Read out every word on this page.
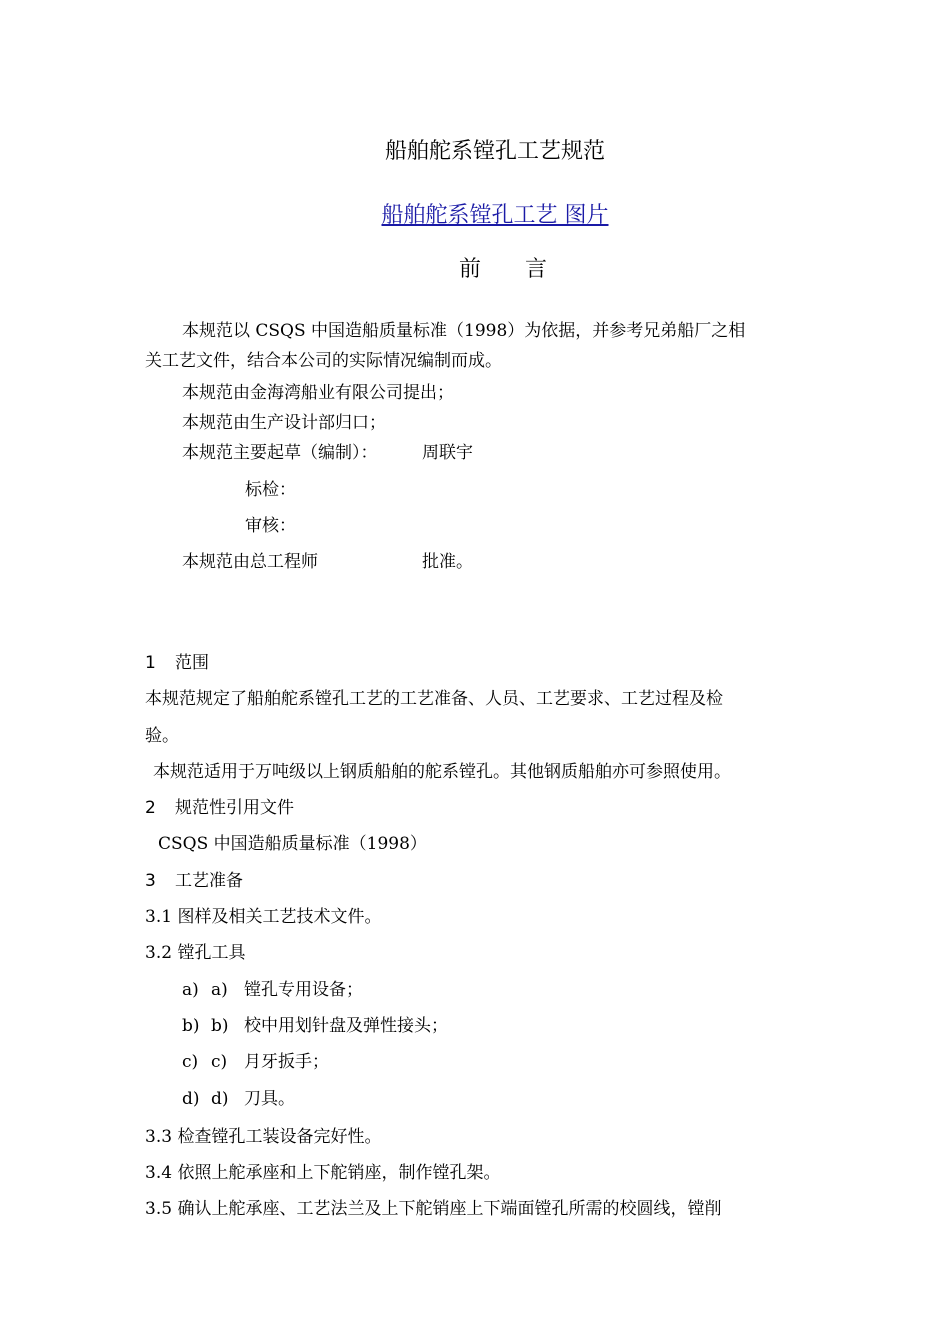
船舶舵系镗孔工艺规范
船舶舵系镗孔工艺 图片
前 言
本规范以 CSQS 中国造船质量标准（1998）为依据，并参考兄弟船厂之相
关工艺文件，结合本公司的实际情况编制而成。
本规范由金海湾船业有限公司提出；
本规范由生产设计部归口；
本规范主要起草（编制）：	周联宇
标检：
审核：
本规范由总工程师	批准。
1 范围
本规范规定了船舶舵系镗孔工艺的工艺准备、人员、工艺要求、工艺过程及检
验。
本规范适用于万吨级以上钢质船舶的舵系镗孔。其他钢质船舶亦可参照使用。
2 规范性引用文件
CSQS 中国造船质量标准（1998）
3 工艺准备
3.1 图样及相关工艺技术文件。
3.2 镗孔工具
a) a) 镗孔专用设备；
b) b) 校中用划针盘及弹性接头；
c) c) 月牙扳手；
d) d) 刀具。
3.3 检查镗孔工装设备完好性。
3.4 依照上舵承座和上下舵销座，制作镗孔架。
3.5 确认上舵承座、工艺法兰及上下舵销座上下端面镗孔所需的校圆线，镗削
